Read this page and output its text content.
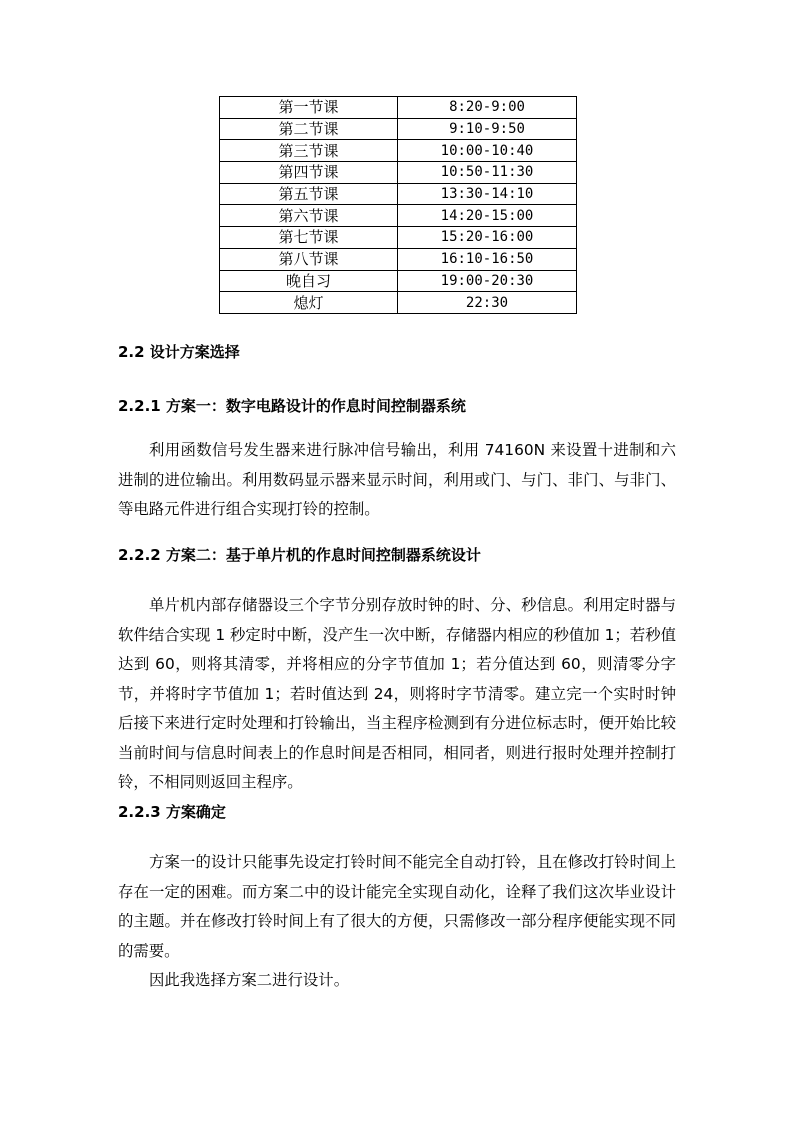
第一节课	8:20-9:00
第二节课	9:10-9:50
第三节课	10:00-10:40
第四节课	10:50-11:30
第五节课	13:30-14:10
第六节课	14:20-15:00
第七节课	15:20-16:00
第八节课	16:10-16:50
晚自习	19:00-20:30
熄灯	22:30
2.2 设计方案选择
2.2.1 方案一：数字电路设计的作息时间控制器系统

利用函数信号发生器来进行脉冲信号输出，利用 74160N 来设置十进制和六进制的进位输出。利用数码显示器来显示时间，利用或门、与门、非门、与非门、等电路元件进行组合实现打铃的控制。

2.2.2 方案二：基于单片机的作息时间控制器系统设计

单片机内部存储器设三个字节分别存放时钟的时、分、秒信息。利用定时器与软件结合实现 1 秒定时中断，没产生一次中断，存储器内相应的秒值加 1；若秒值达到 60，则将其清零，并将相应的分字节值加 1；若分值达到 60，则清零分字节，并将时字节值加 1；若时值达到 24，则将时字节清零。建立完一个实时时钟后接下来进行定时处理和打铃输出，当主程序检测到有分进位标志时，便开始比较当前时间与信息时间表上的作息时间是否相同，相同者，则进行报时处理并控制打铃，不相同则返回主程序。

2.2.3 方案确定

方案一的设计只能事先设定打铃时间不能完全自动打铃，且在修改打铃时间上存在一定的困难。而方案二中的设计能完全实现自动化，诠释了我们这次毕业设计的主题。并在修改打铃时间上有了很大的方便，只需修改一部分程序便能实现不同的需要。

因此我选择方案二进行设计。
